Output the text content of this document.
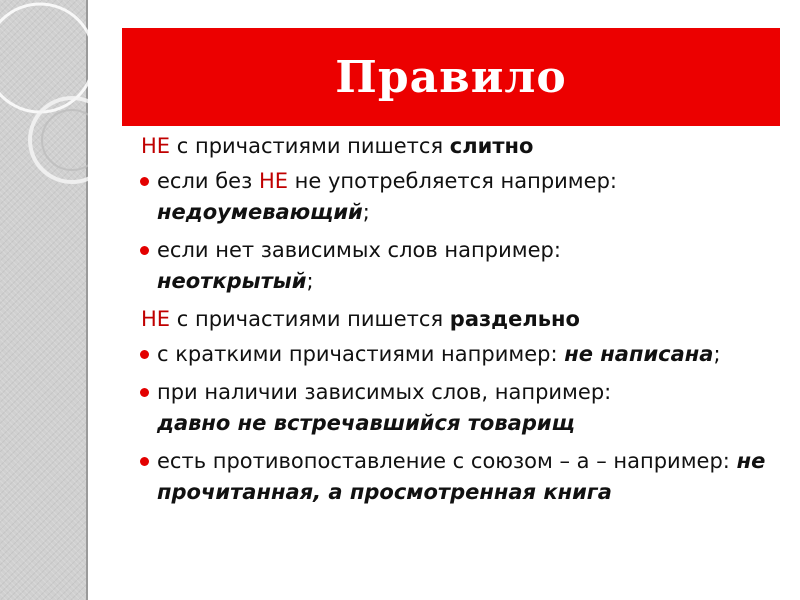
Правило

НЕ с причастиями пишется слитно

если без НЕ не употребляется например:
недоумевающий;
если нет зависимых слов например:
неоткрытый;

НЕ с причастиями пишется раздельно

с краткими причастиями например: не написана;
при наличии зависимых слов, например:
давно не встречавшийся товарищ
есть противопоставление с союзом – а – например: не прочитанная, а просмотренная книга
